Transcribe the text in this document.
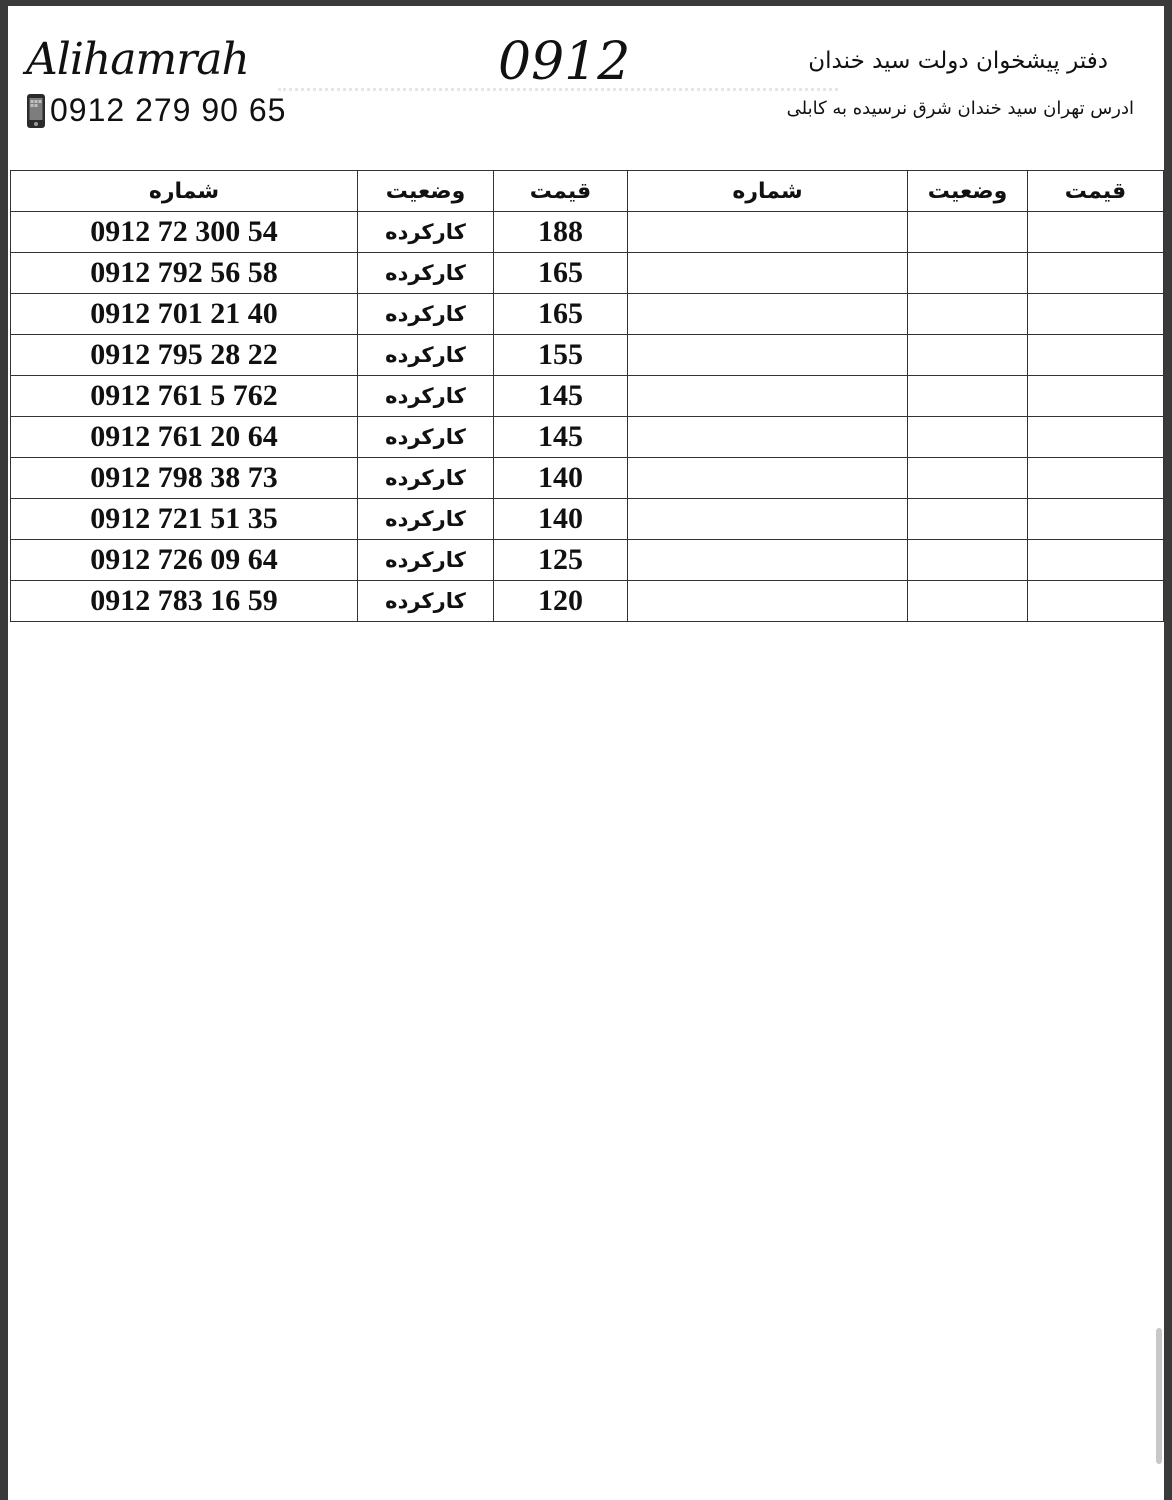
Alihamrah
0912 279 90 65
0912	دفتر پیشخوان دولت سید خندان
ادرس تهران سید خندان شرق نرسیده به کابلی
شماره	وضعیت	قیمت	شماره	وضعیت	قیمت
0912 72 300 54	کارکرده	188			
0912 792 56 58	کارکرده	165			
0912 701 21 40	کارکرده	165			
0912 795 28 22	کارکرده	155			
0912 761 5 762	کارکرده	145			
0912 761 20 64	کارکرده	145			
0912 798 38 73	کارکرده	140			
0912 721 51 35	کارکرده	140			
0912 726 09 64	کارکرده	125			
0912 783 16 59	کارکرده	120			
